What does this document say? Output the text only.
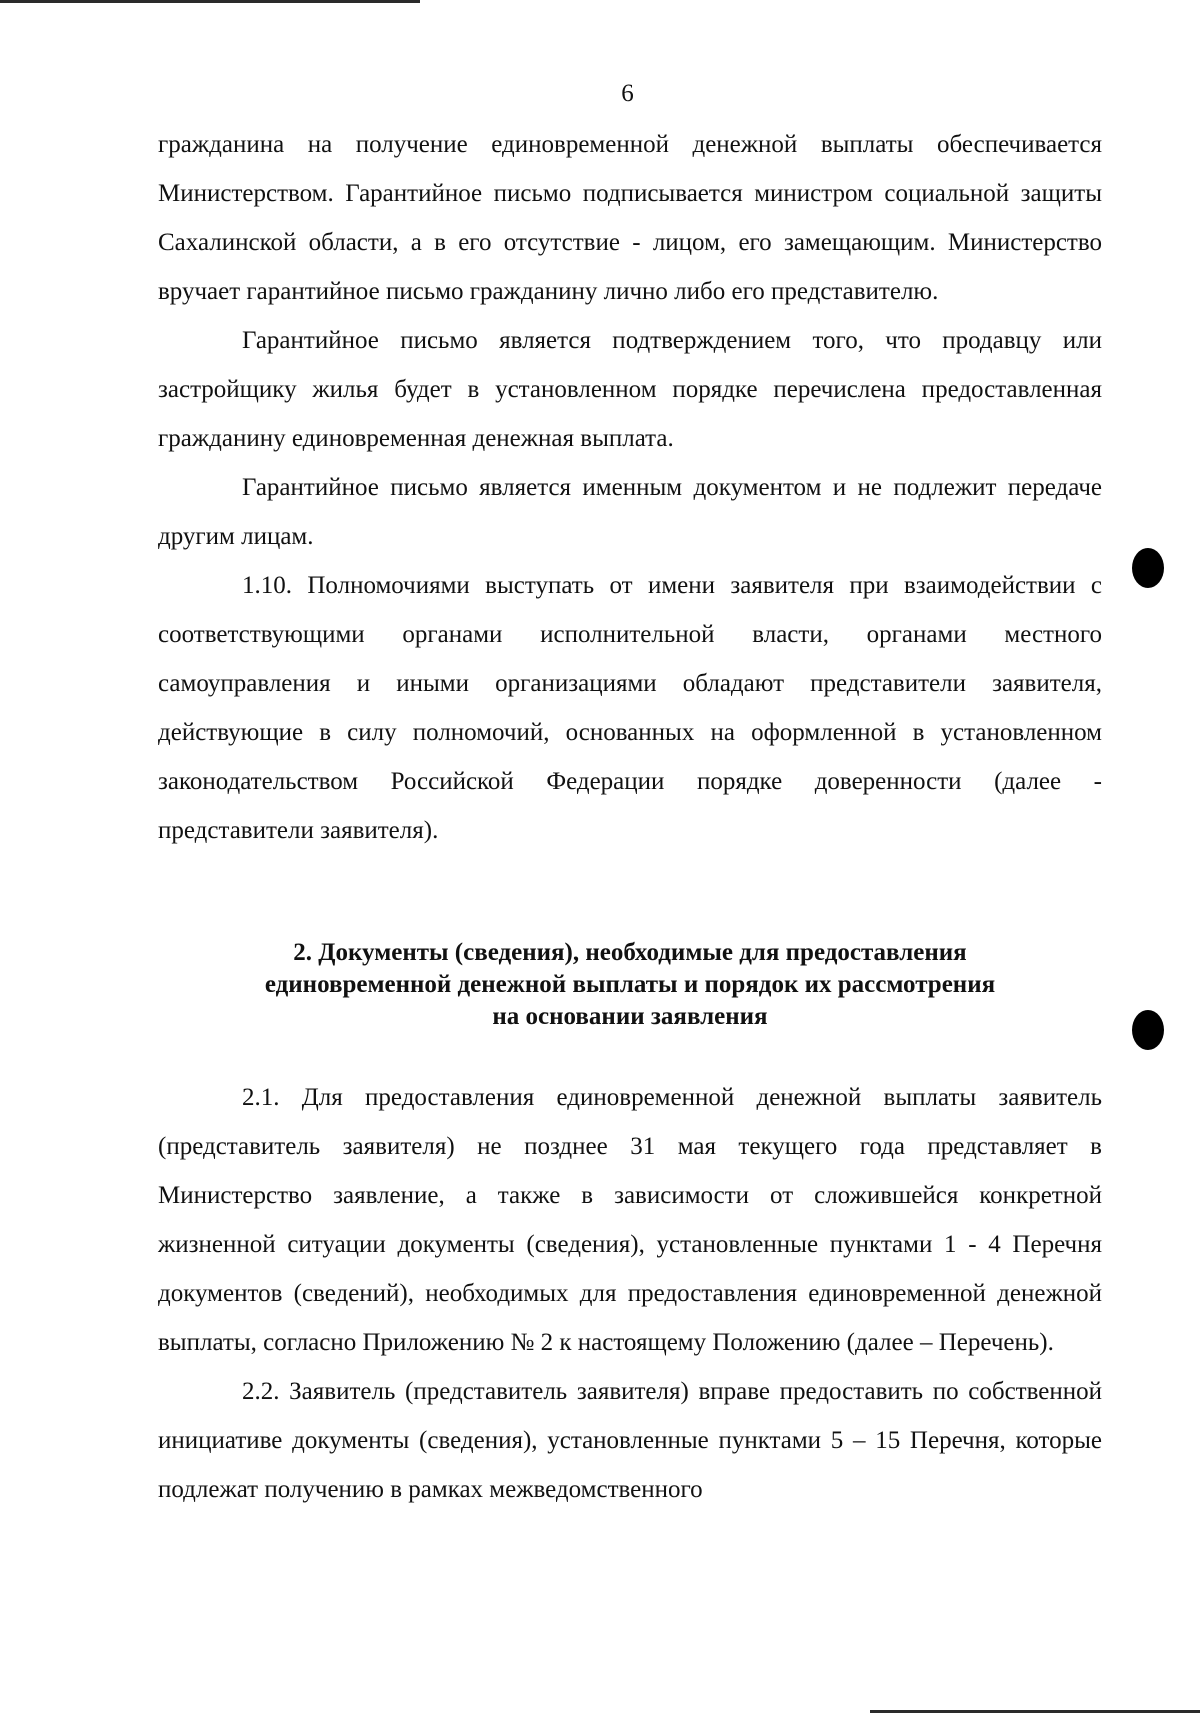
6

гражданина на получение единовременной денежной выплаты обеспечивается Министерством. Гарантийное письмо подписывается министром социальной защиты Сахалинской области, а в его отсутствие - лицом, его замещающим. Министерство вручает гарантийное письмо гражданину лично либо его представителю.

Гарантийное письмо является подтверждением того, что продавцу или застройщику жилья будет в установленном порядке перечислена предоставленная гражданину единовременная денежная выплата.

Гарантийное письмо является именным документом и не подлежит передаче другим лицам.

1.10. Полномочиями выступать от имени заявителя при взаимодействии с соответствующими органами исполнительной власти, органами местного самоуправления и иными организациями обладают представители заявителя, действующие в силу полномочий, основанных на оформленной в установленном законодательством Российской Федерации порядке доверенности (далее - представители заявителя).

2. Документы (сведения), необходимые для предоставления
единовременной денежной выплаты и порядок их рассмотрения
на основании заявления

2.1. Для предоставления единовременной денежной выплаты заявитель (представитель заявителя) не позднее 31 мая текущего года представляет в Министерство заявление, а также в зависимости от сложившейся конкретной жизненной ситуации документы (сведения), установленные пунктами 1 - 4 Перечня документов (сведений), необходимых для предоставления единовременной денежной выплаты, согласно Приложению № 2 к настоящему Положению (далее – Перечень).

2.2. Заявитель (представитель заявителя) вправе предоставить по собственной инициативе документы (сведения), установленные пунктами 5 – 15 Перечня, которые подлежат получению в рамках межведомственного
